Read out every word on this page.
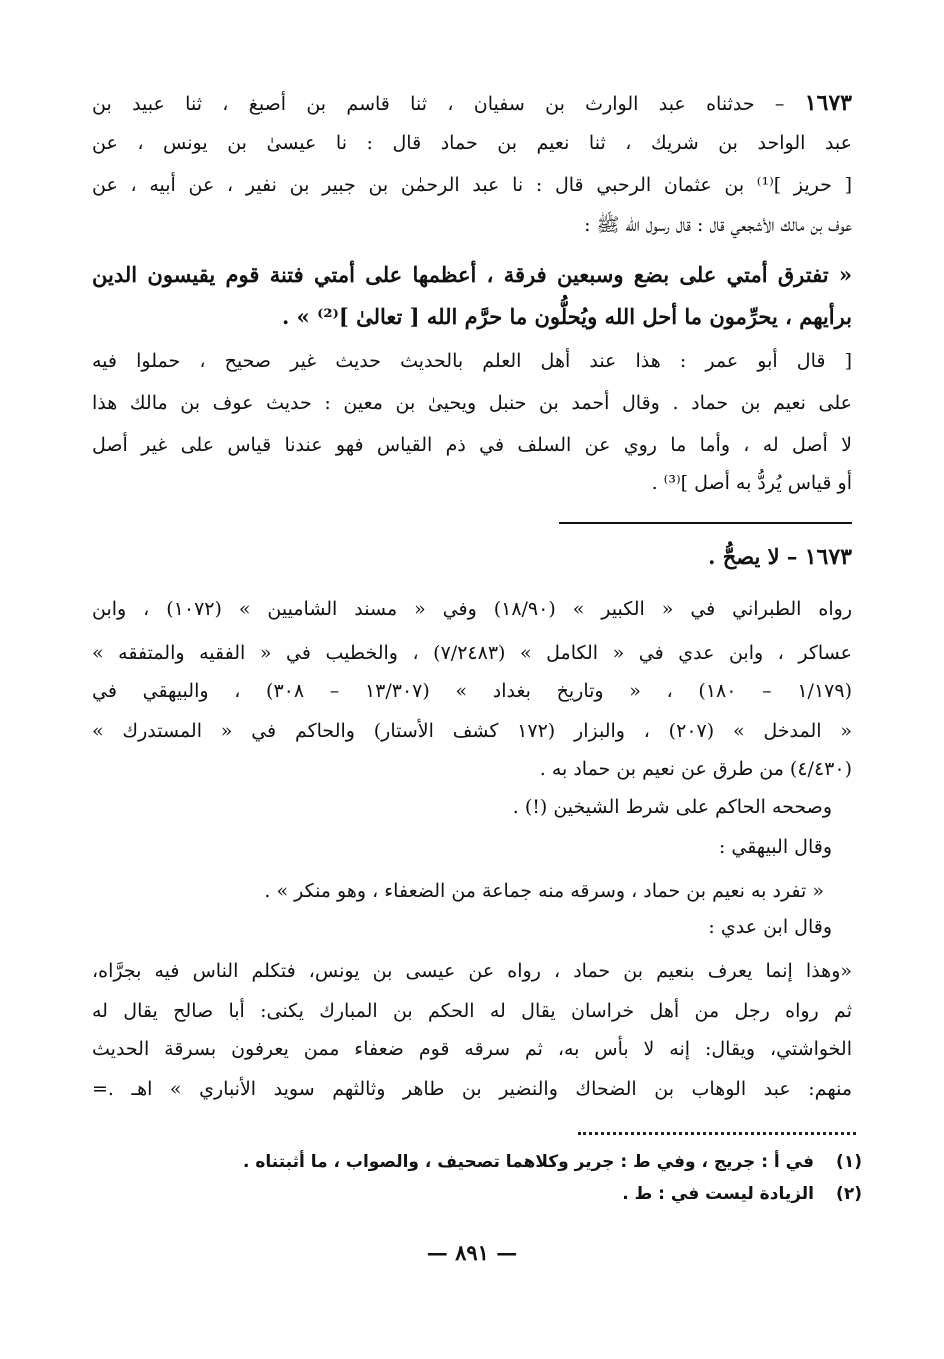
١٦٧٣ – حدثناه عبد الوارث بن سفيان ، ثنا قاسم بن أصبغ ، ثنا عبيد بن
عبد الواحد بن شريك ، ثنا نعيم بن حماد قال : نا عيسىٰ بن يونس ، عن
[ حريز ]⁽¹⁾ بن عثمان الرحبي قال : نا عبد الرحمٰن بن جبير بن نفير ، عن أبيه ، عن
عوف بن مالك الأشجعي قال : قال رسول الله ﷺ :
« تفترق أمتي على بضع وسبعين فرقة ، أعظمها على أمتي فتنة قوم يقيسون الدين
برأيهم ، يحرِّمون ما أحل الله ويُحلُّون ما حرَّم الله [ تعالىٰ ]⁽²⁾ » .
[ قال أبو عمر : هذا عند أهل العلم بالحديث حديث غير صحيح ، حملوا فيه
على نعيم بن حماد . وقال أحمد بن حنبل ويحيىٰ بن معين : حديث عوف بن مالك هذا
لا أصل له ، وأما ما روي عن السلف في ذم القياس فهو عندنا قياس على غير أصل
أو قياس يُردُّ به أصل ]⁽³⁾ .
١٦٧٣ – لا يصحُّ .
رواه الطبراني في « الكبير » (١٨/٩٠) وفي « مسند الشاميين » (١٠٧٢) ، وابن
عساكر ، وابن عدي في « الكامل » (٧/٢٤٨٣) ، والخطيب في « الفقيه والمتفقه »
(١/١٧٩ – ١٨٠) ، « وتاريخ بغداد » (١٣/٣٠٧ – ٣٠٨) ، والبيهقي في
« المدخل » (٢٠٧) ، والبزار (١٧٢ كشف الأستار) والحاكم في « المستدرك »
(٤/٤٣٠) من طرق عن نعيم بن حماد به .
وصححه الحاكم على شرط الشيخين (!) .
وقال البيهقي :
« تفرد به نعيم بن حماد ، وسرقه منه جماعة من الضعفاء ، وهو منكر » .
وقال ابن عدي :
«وهذا إنما يعرف بنعيم بن حماد ، رواه عن عيسى بن يونس، فتكلم الناس فيه بجرَّاه،
ثم رواه رجل من أهل خراسان يقال له الحكم بن المبارك يكنى: أبا صالح يقال له
الخواشتي، ويقال: إنه لا بأس به، ثم سرقه قوم ضعفاء ممن يعرفون بسرقة الحديث
منهم: عبد الوهاب بن الضحاك والنضير بن طاهر وثالثهم سويد الأنباري » اهـ .=
(١)في أ : جريج ، وفي ط : جرير وكلاهما تصحيف ، والصواب ، ما أثبتناه .
(٢)الزيادة ليست في : ط .
— ٨٩١ —
